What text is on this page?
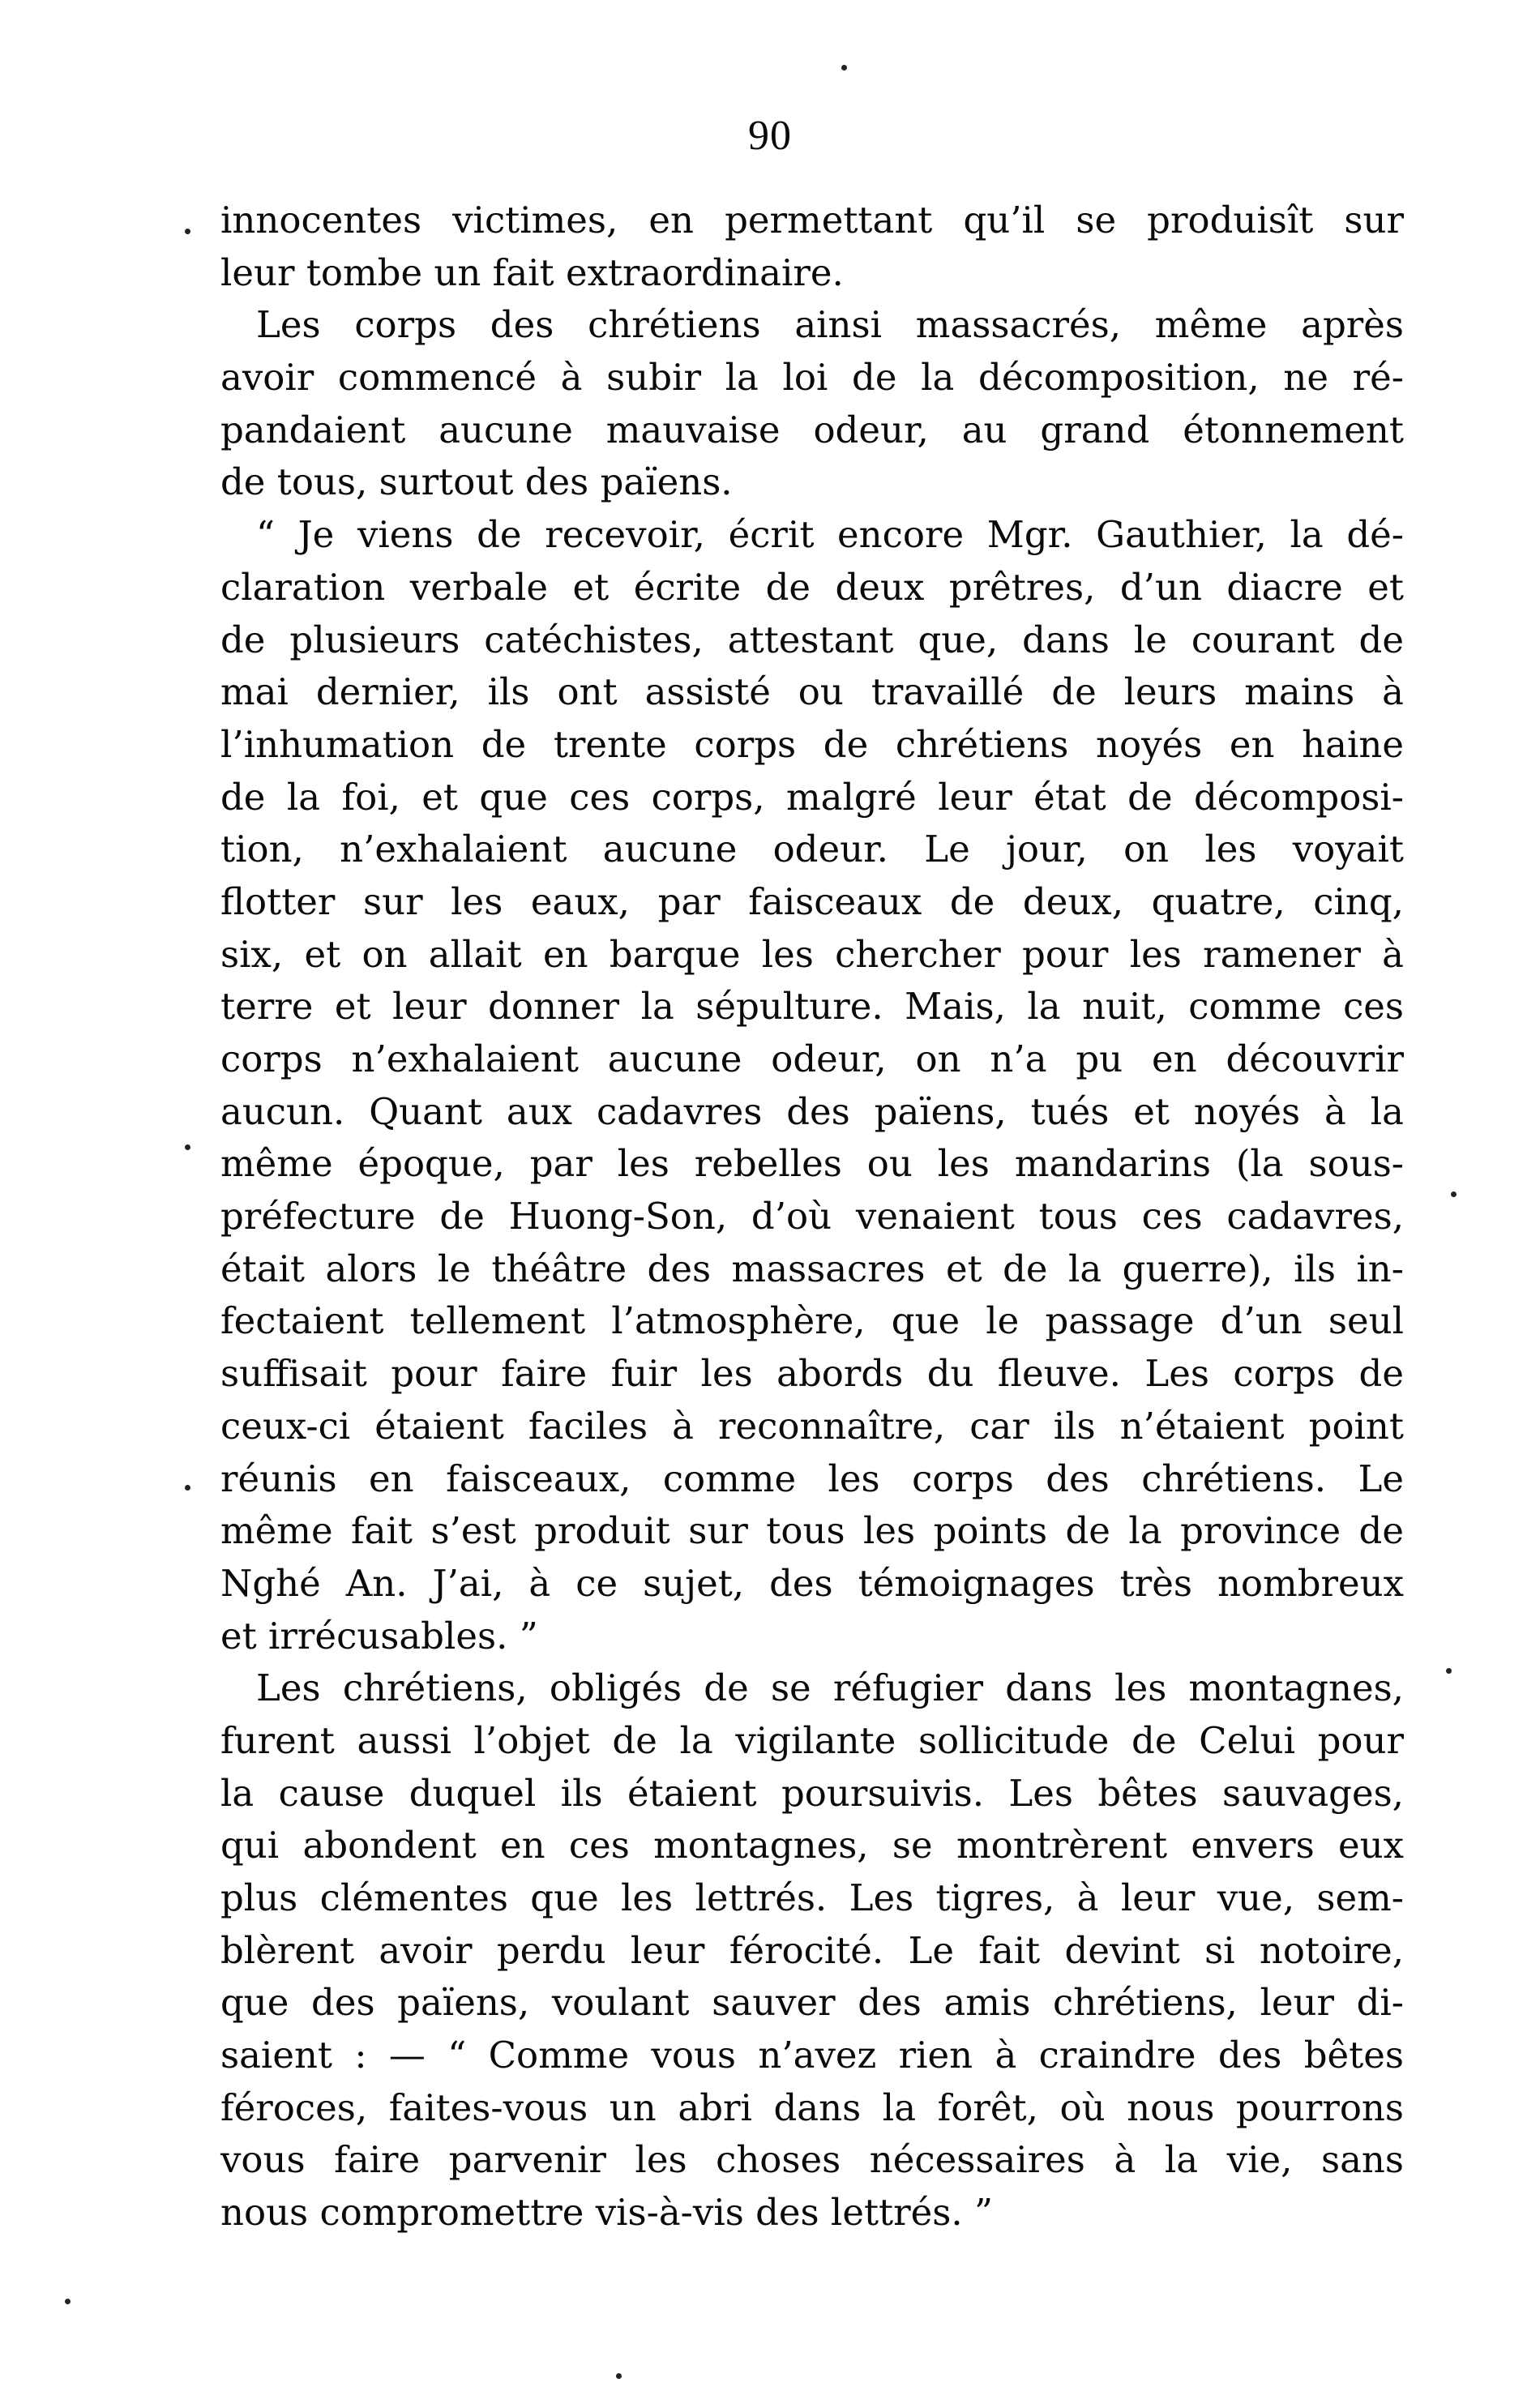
90

innocentes victimes, en permettant qu’il se produisît sur
leur tombe un fait extraordinaire.
Les corps des chrétiens ainsi massacrés, même après
avoir commencé à subir la loi de la décomposition, ne ré-
pandaient aucune mauvaise odeur, au grand étonnement
de tous, surtout des païens.
“ Je viens de recevoir, écrit encore Mgr. Gauthier, la dé-
claration verbale et écrite de deux prêtres, d’un diacre et
de plusieurs catéchistes, attestant que, dans le courant de
mai dernier, ils ont assisté ou travaillé de leurs mains à
l’inhumation de trente corps de chrétiens noyés en haine
de la foi, et que ces corps, malgré leur état de décomposi-
tion, n’exhalaient aucune odeur. Le jour, on les voyait
flotter sur les eaux, par faisceaux de deux, quatre, cinq,
six, et on allait en barque les chercher pour les ramener à
terre et leur donner la sépulture. Mais, la nuit, comme ces
corps n’exhalaient aucune odeur, on n’a pu en découvrir
aucun. Quant aux cadavres des païens, tués et noyés à la
même époque, par les rebelles ou les mandarins (la sous-
préfecture de Huong-Son, d’où venaient tous ces cadavres,
était alors le théâtre des massacres et de la guerre), ils in-
fectaient tellement l’atmosphère, que le passage d’un seul
suffisait pour faire fuir les abords du fleuve. Les corps de
ceux-ci étaient faciles à reconnaître, car ils n’étaient point
réunis en faisceaux, comme les corps des chrétiens. Le
même fait s’est produit sur tous les points de la province de
Nghé An. J’ai, à ce sujet, des témoignages très nombreux
et irrécusables. ”
Les chrétiens, obligés de se réfugier dans les montagnes,
furent aussi l’objet de la vigilante sollicitude de Celui pour
la cause duquel ils étaient poursuivis. Les bêtes sauvages,
qui abondent en ces montagnes, se montrèrent envers eux
plus clémentes que les lettrés. Les tigres, à leur vue, sem-
blèrent avoir perdu leur férocité. Le fait devint si notoire,
que des païens, voulant sauver des amis chrétiens, leur di-
saient : — “ Comme vous n’avez rien à craindre des bêtes
féroces, faites-vous un abri dans la forêt, où nous pourrons
vous faire parvenir les choses nécessaires à la vie, sans
nous compromettre vis-à-vis des lettrés. ”
